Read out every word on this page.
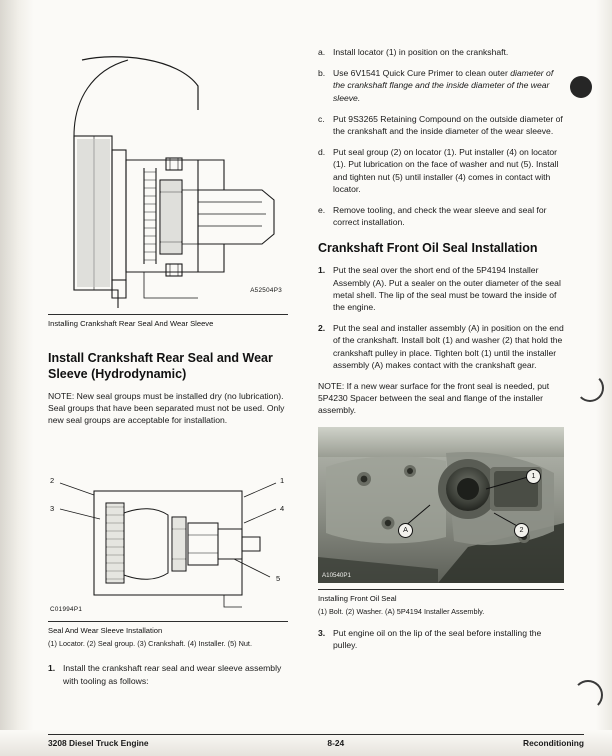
A52504P3
Installing Crankshaft Rear Seal And Wear Sleeve
Install Crankshaft Rear Seal and Wear Sleeve (Hydrodynamic)

NOTE: New seal groups must be installed dry (no lubrication). Seal groups that have been separated must not be used. Only new seal groups are acceptable for installation.

2
3
1
4
5
C01994P1
Seal And Wear Sleeve Installation
(1) Locator. (2) Seal group. (3) Crankshaft. (4) Installer. (5) Nut.
1. Install the crankshaft rear seal and wear sleeve assembly with tooling as follows:
a. Install locator (1) in position on the crankshaft.
b. Use 6V1541 Quick Cure Primer to clean outer diameter of the crankshaft flange and the inside diameter of the wear sleeve.
c. Put 9S3265 Retaining Compound on the outside diameter of the crankshaft and the inside diameter of the wear sleeve.
d. Put seal group (2) on locator (1). Put installer (4) on locator (1). Put lubrication on the face of washer and nut (5). Install and tighten nut (5) until installer (4) comes in contact with locator.
e. Remove tooling, and check the wear sleeve and seal for correct installation.
Crankshaft Front Oil Seal Installation
1. Put the seal over the short end of the 5P4194 Installer Assembly (A). Put a sealer on the outer diameter of the seal metal shell. The lip of the seal must be toward the inside of the engine.
2. Put the seal and installer assembly (A) in position on the end of the crankshaft. Install bolt (1) and washer (2) that hold the crankshaft pulley in place. Tighten bolt (1) until the installer assembly (A) makes contact with the crankshaft gear.

NOTE: If a new wear surface for the front seal is needed, put 5P4230 Spacer between the seal and flange of the installer assembly.

1
2
A
A10540P1
Installing Front Oil Seal
(1) Bolt. (2) Washer. (A) 5P4194 Installer Assembly.
3. Put engine oil on the lip of the seal before installing the pulley.
3208 Diesel Truck Engine	8-24	Reconditioning
